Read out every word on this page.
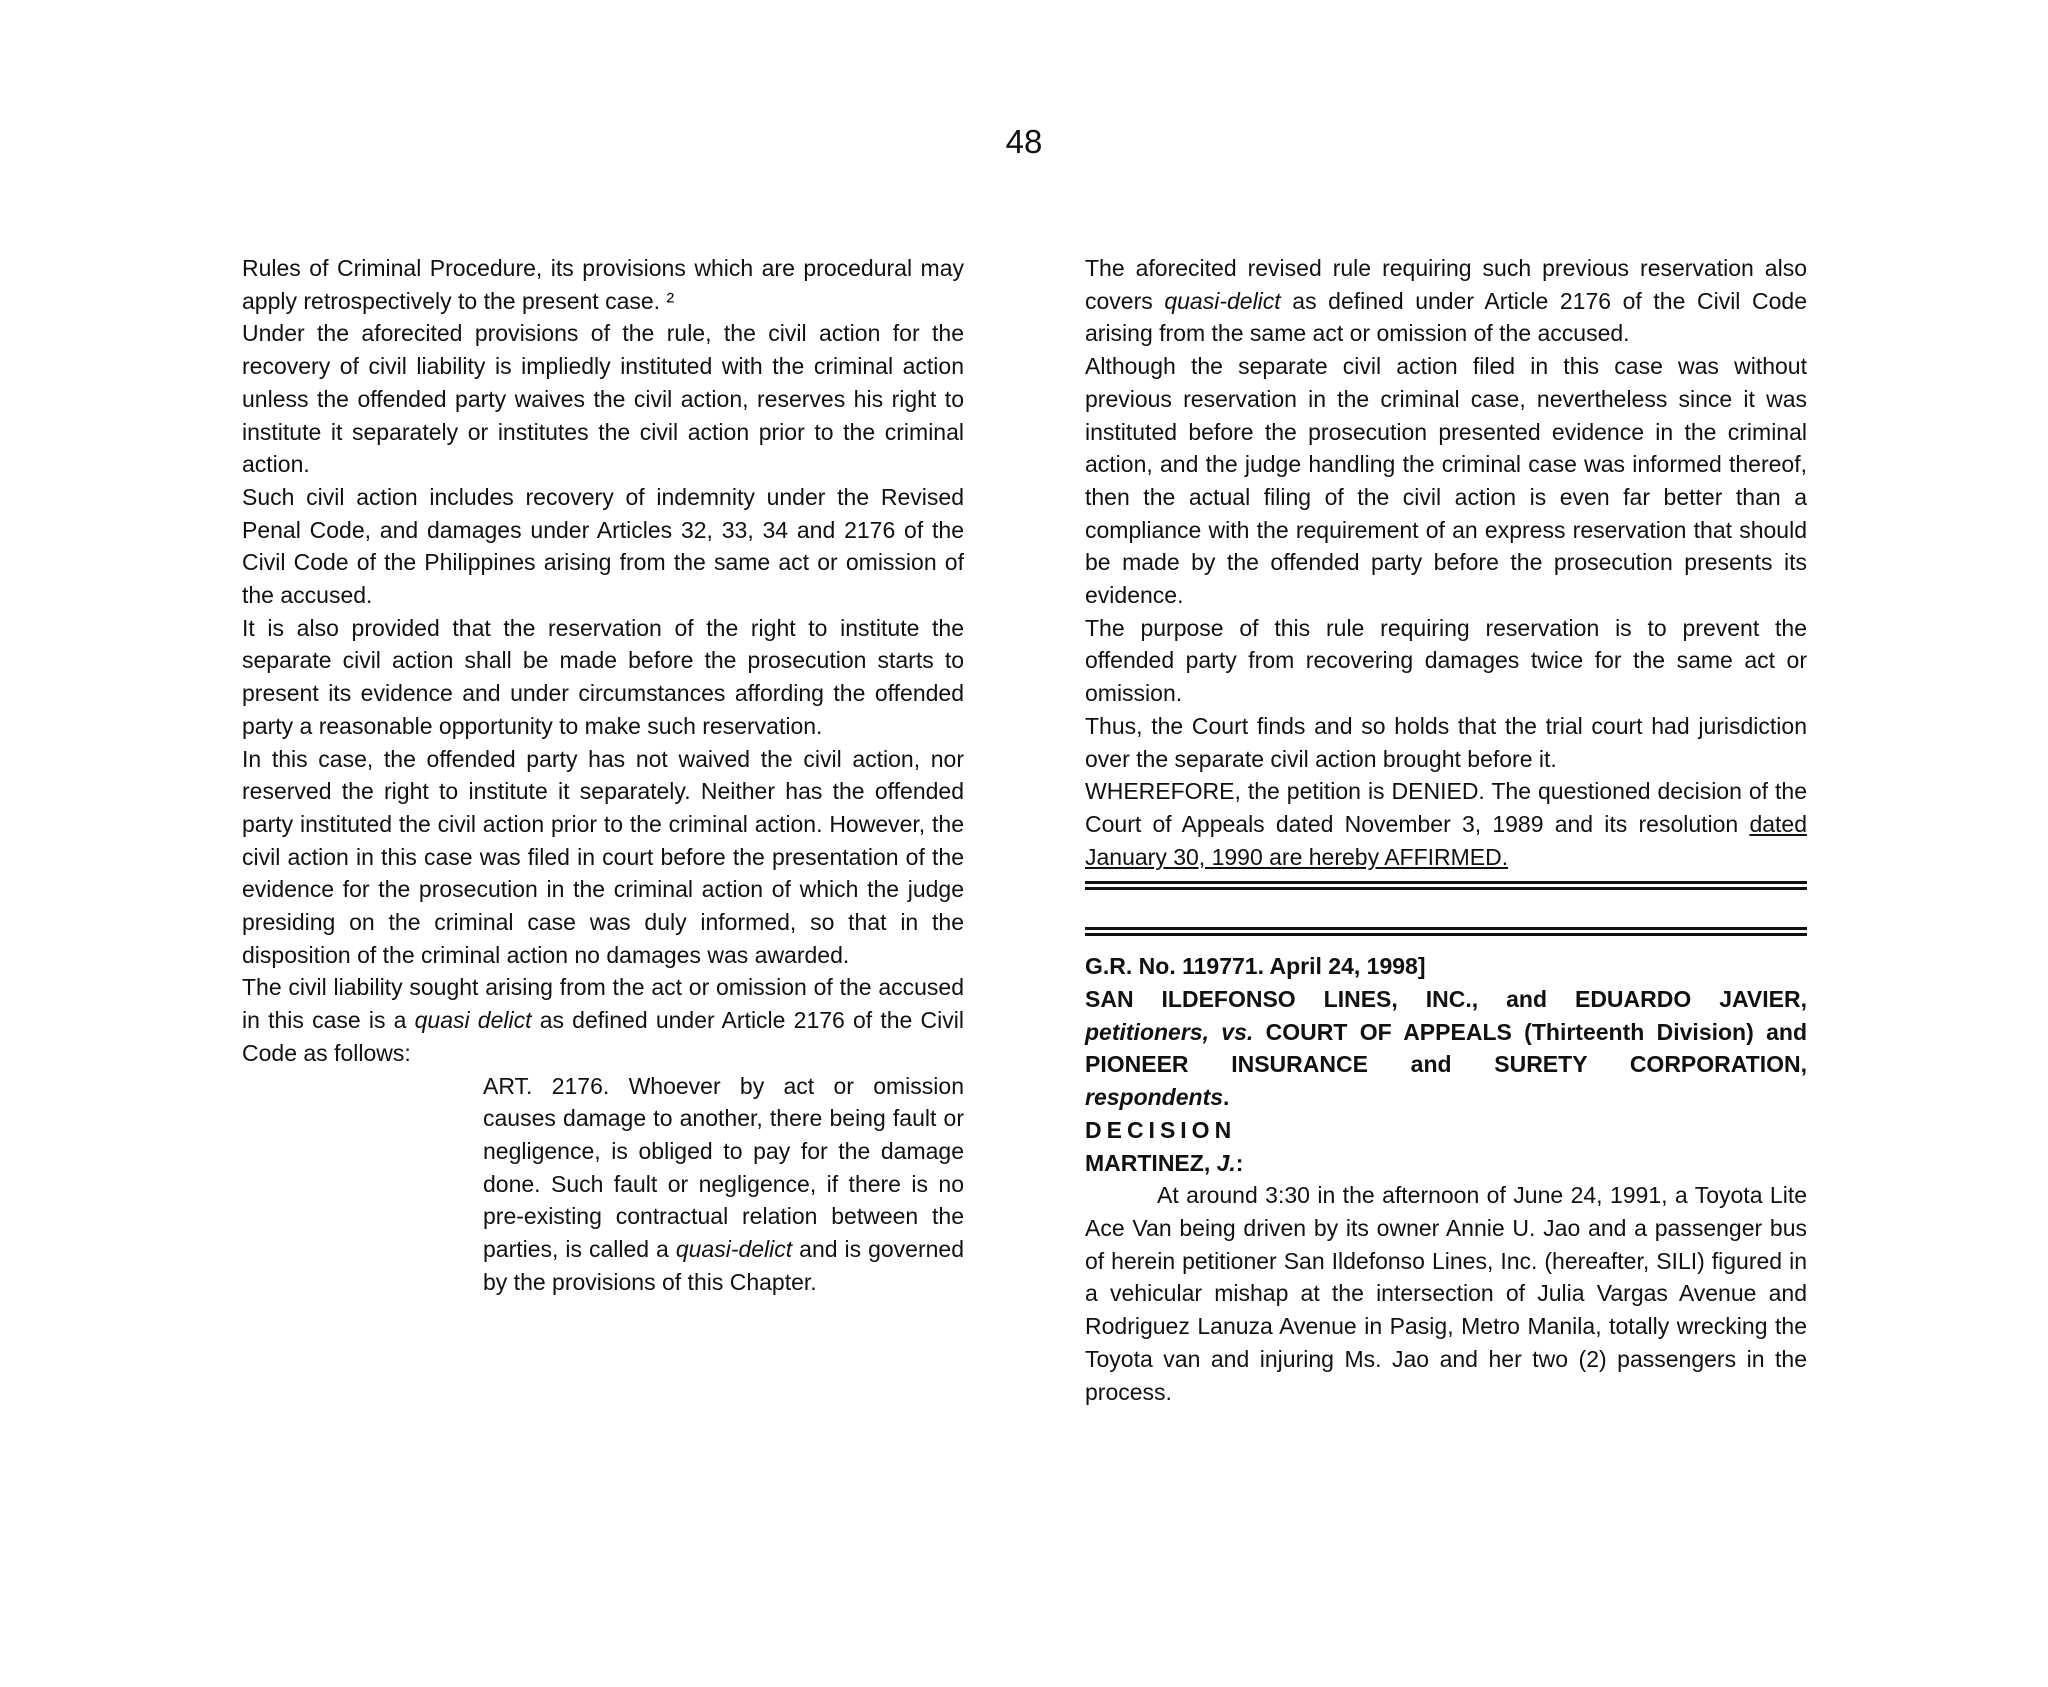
48

Rules of Criminal Procedure, its provisions which are procedural may apply retrospectively to the present case. ²

Under the aforecited provisions of the rule, the civil action for the recovery of civil liability is impliedly instituted with the criminal action unless the offended party waives the civil action, reserves his right to institute it separately or institutes the civil action prior to the criminal action.

Such civil action includes recovery of indemnity under the Revised Penal Code, and damages under Articles 32, 33, 34 and 2176 of the Civil Code of the Philippines arising from the same act or omission of the accused.

It is also provided that the reservation of the right to institute the separate civil action shall be made before the prosecution starts to present its evidence and under circumstances affording the offended party a reasonable opportunity to make such reservation.

In this case, the offended party has not waived the civil action, nor reserved the right to institute it separately. Neither has the offended party instituted the civil action prior to the criminal action. However, the civil action in this case was filed in court before the presentation of the evidence for the prosecution in the criminal action of which the judge presiding on the criminal case was duly informed, so that in the disposition of the criminal action no damages was awarded.

The civil liability sought arising from the act or omission of the accused in this case is a quasi delict as defined under Article 2176 of the Civil Code as follows:

ART. 2176. Whoever by act or omission causes damage to another, there being fault or negligence, is obliged to pay for the damage done. Such fault or negligence, if there is no pre-existing contractual relation between the parties, is called a quasi-delict and is governed by the provisions of this Chapter.

The aforecited revised rule requiring such previous reservation also covers quasi-delict as defined under Article 2176 of the Civil Code arising from the same act or omission of the accused.

Although the separate civil action filed in this case was without previous reservation in the criminal case, nevertheless since it was instituted before the prosecution presented evidence in the criminal action, and the judge handling the criminal case was informed thereof, then the actual filing of the civil action is even far better than a compliance with the requirement of an express reservation that should be made by the offended party before the prosecution presents its evidence.

The purpose of this rule requiring reservation is to prevent the offended party from recovering damages twice for the same act or omission.

Thus, the Court finds and so holds that the trial court had jurisdiction over the separate civil action brought before it.

WHEREFORE, the petition is DENIED. The questioned decision of the Court of Appeals dated November 3, 1989 and its resolution dated January 30, 1990 are hereby AFFIRMED.

G.R. No. 119771. April 24, 1998]

SAN ILDEFONSO LINES, INC., and EDUARDO JAVIER, petitioners, vs. COURT OF APPEALS (Thirteenth Division) and PIONEER INSURANCE and SURETY CORPORATION, respondents.

DECISION

MARTINEZ, J.:

At around 3:30 in the afternoon of June 24, 1991, a Toyota Lite Ace Van being driven by its owner Annie U. Jao and a passenger bus of herein petitioner San Ildefonso Lines, Inc. (hereafter, SILI) figured in a vehicular mishap at the intersection of Julia Vargas Avenue and Rodriguez Lanuza Avenue in Pasig, Metro Manila, totally wrecking the Toyota van and injuring Ms. Jao and her two (2) passengers in the process.
